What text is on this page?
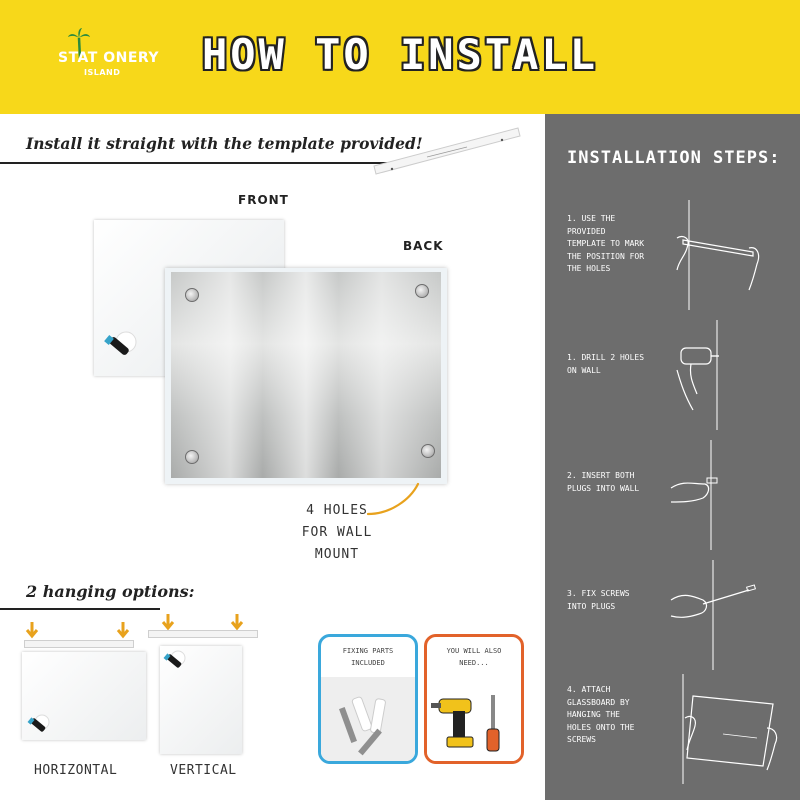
STAT ONERY
ISLAND	HOW TO INSTALL
Install it straight with the template provided!
FRONT
BACK
4 HOLES
FOR WALL
MOUNT
2 hanging options:
HORIZONTAL	VERTICAL
FIXING PARTS
INCLUDED
YOU WILL ALSO
NEED...
INSTALLATION STEPS:
1. USE THE
PROVIDED
TEMPLATE TO MARK
THE POSITION FOR
THE HOLES
1. DRILL 2 HOLES
ON WALL
2. INSERT BOTH
PLUGS INTO WALL
3. FIX SCREWS
INTO PLUGS
4. ATTACH
GLASSBOARD BY
HANGING THE
HOLES ONTO THE
SCREWS
